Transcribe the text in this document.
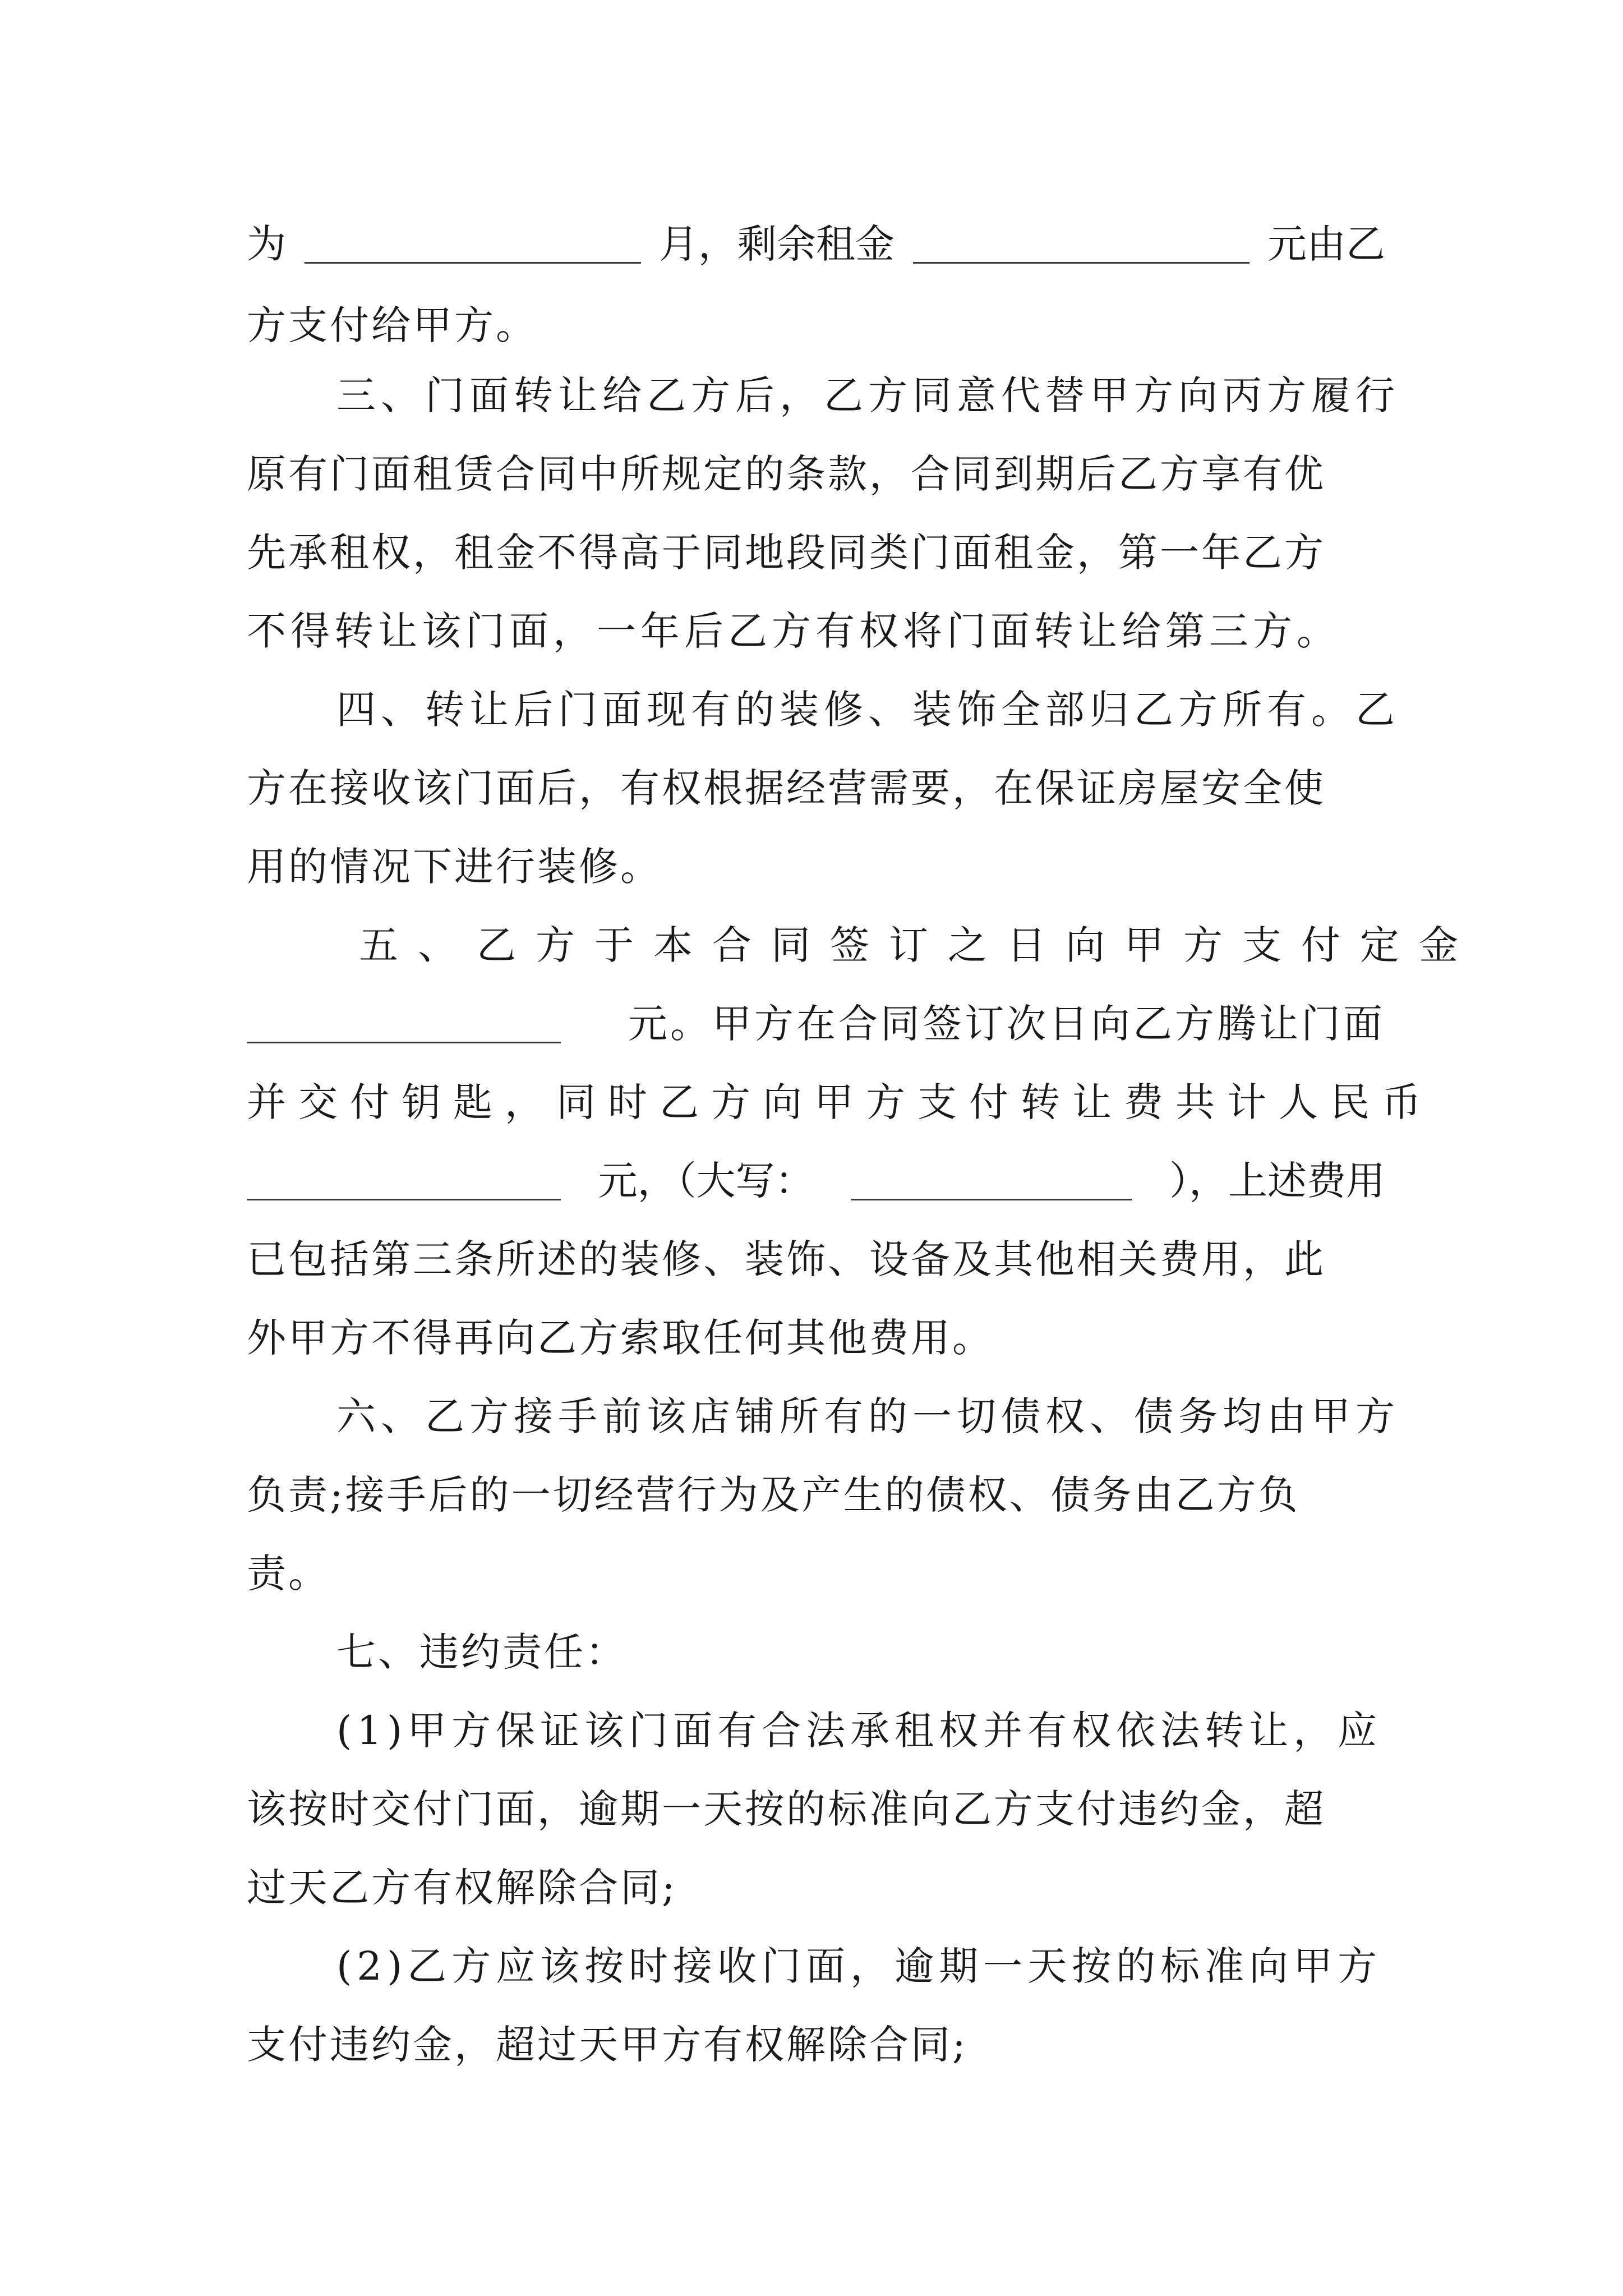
为	月，剩余租金	元由乙
方支付给甲方。
三、门面转让给乙方后，乙方同意代替甲方向丙方履行
原有门面租赁合同中所规定的条款，合同到期后乙方享有优
先承租权，租金不得高于同地段同类门面租金，第一年乙方
不得转让该门面，一年后乙方有权将门面转让给第三方。
四、转让后门面现有的装修、装饰全部归乙方所有。乙
方在接收该门面后，有权根据经营需要，在保证房屋安全使
用的情况下进行装修。
五、乙方于本合同签订之日向甲方支付定金
元。甲方在合同签订次日向乙方腾让门面
并交付钥匙，同时乙方向甲方支付转让费共计人民币
元，（大写：	），上述费用
已包括第三条所述的装修、装饰、设备及其他相关费用，此
外甲方不得再向乙方索取任何其他费用。
六、乙方接手前该店铺所有的一切债权、债务均由甲方
负责;接手后的一切经营行为及产生的债权、债务由乙方负
责。
七、违约责任：
(1)甲方保证该门面有合法承租权并有权依法转让，应
该按时交付门面，逾期一天按的标准向乙方支付违约金，超
过天乙方有权解除合同;
(2)乙方应该按时接收门面，逾期一天按的标准向甲方
支付违约金，超过天甲方有权解除合同;
